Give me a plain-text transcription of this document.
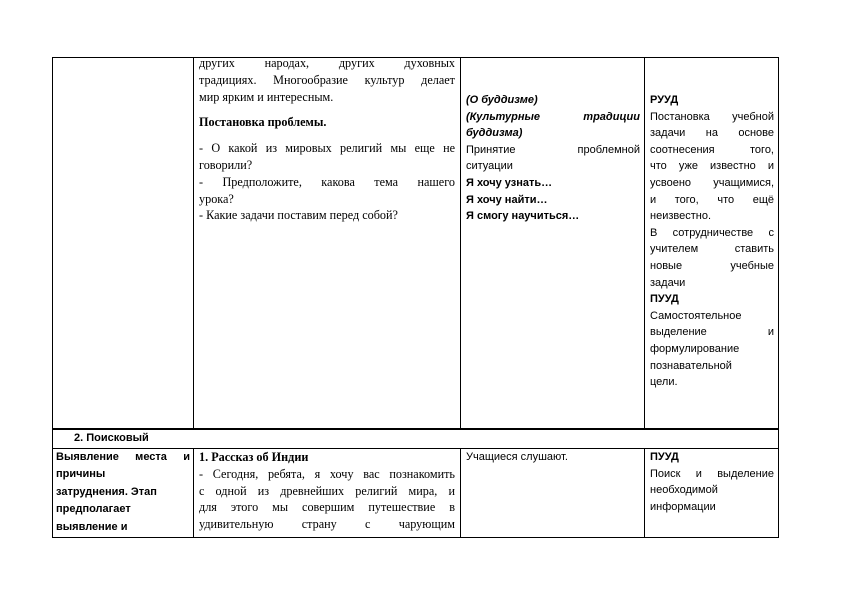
других народах, других духовных
традициях. Многообразие культур делает
мир ярким и интересным.
Постановка проблемы.
- О какой из мировых религий мы еще не
говорили?
- Предположите, какова тема нашего
урока?
- Какие задачи поставим перед собой?
(О буддизме)
(Культурные традиции
буддизма)
Принятие проблемной
ситуации
Я хочу узнать…
Я хочу найти…
Я смогу научиться…
РУУД
Постановка учебной
задачи на основе
соотнесения того,
что уже известно и
усвоено учащимися,
и того, что ещё
неизвестно.
В сотрудничестве с
учителем ставить
новые учебные
задачи
ПУУД
Самостоятельное
выделение и
формулирование
познавательной
цели.
2. Поисковый
Выявление места и
причины
затруднения. Этап
предполагает
выявление и
1. Рассказ об Индии
- Сегодня, ребята, я хочу вас познакомить
с одной из древнейших религий мира, и
для этого мы совершим путешествие в
удивительную страну с чарующим
Учащиеся слушают.	ПУУД
Поиск и выделение
необходимой
информации
